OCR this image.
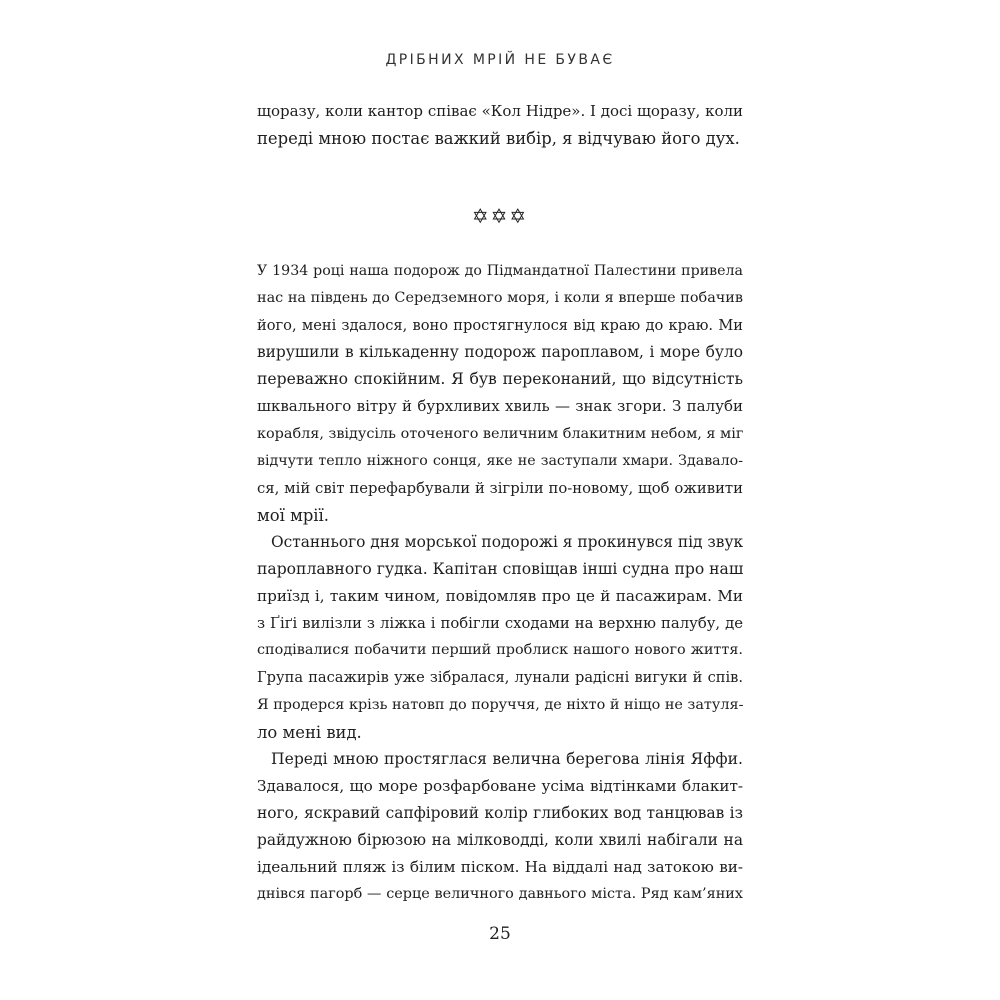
ДРІБНИХ МРІЙ НЕ БУВАЄ
щоразу, коли кантор співає «Кол Нідре». І досі щоразу, коли
переді мною постає важкий вибір, я відчуваю його дух.
✡✡✡
У 1934 році наша подорож до Підмандатної Палестини привела
нас на південь до Середземного моря, і коли я вперше побачив
його, мені здалося, воно простягнулося від краю до краю. Ми
вирушили в кількаденну подорож пароплавом, і море було
переважно спокійним. Я був переконаний, що відсутність
шквального вітру й бурхливих хвиль — знак згори. З палуби
корабля, звідусіль оточеного величним блакитним небом, я міг
відчути тепло ніжного сонця, яке не заступали хмари. Здавало-
ся, мій світ перефарбували й зігріли по-новому, щоб оживити
мої мрії.
Останнього дня морської подорожі я прокинувся під звук
пароплавного гудка. Капітан сповіщав інші судна про наш
приїзд і, таким чином, повідомляв про це й пасажирам. Ми
з Ґіґі вилізли з ліжка і побігли сходами на верхню палубу, де
сподівалися побачити перший проблиск нашого нового життя.
Група пасажирів уже зібралася, лунали радісні вигуки й спів.
Я продерся крізь натовп до поруччя, де ніхто й ніщо не затуля-
ло мені вид.
Переді мною простяглася велична берегова лінія Яффи.
Здавалося, що море розфарбоване усіма відтінками блакит-
ного, яскравий сапфіровий колір глибоких вод танцював із
райдужною бірюзою на мілководді, коли хвилі набігали на
ідеальний пляж із білим піском. На віддалі над затокою ви-
днівся пагорб — серце величного давнього міста. Ряд кам’яних
25
